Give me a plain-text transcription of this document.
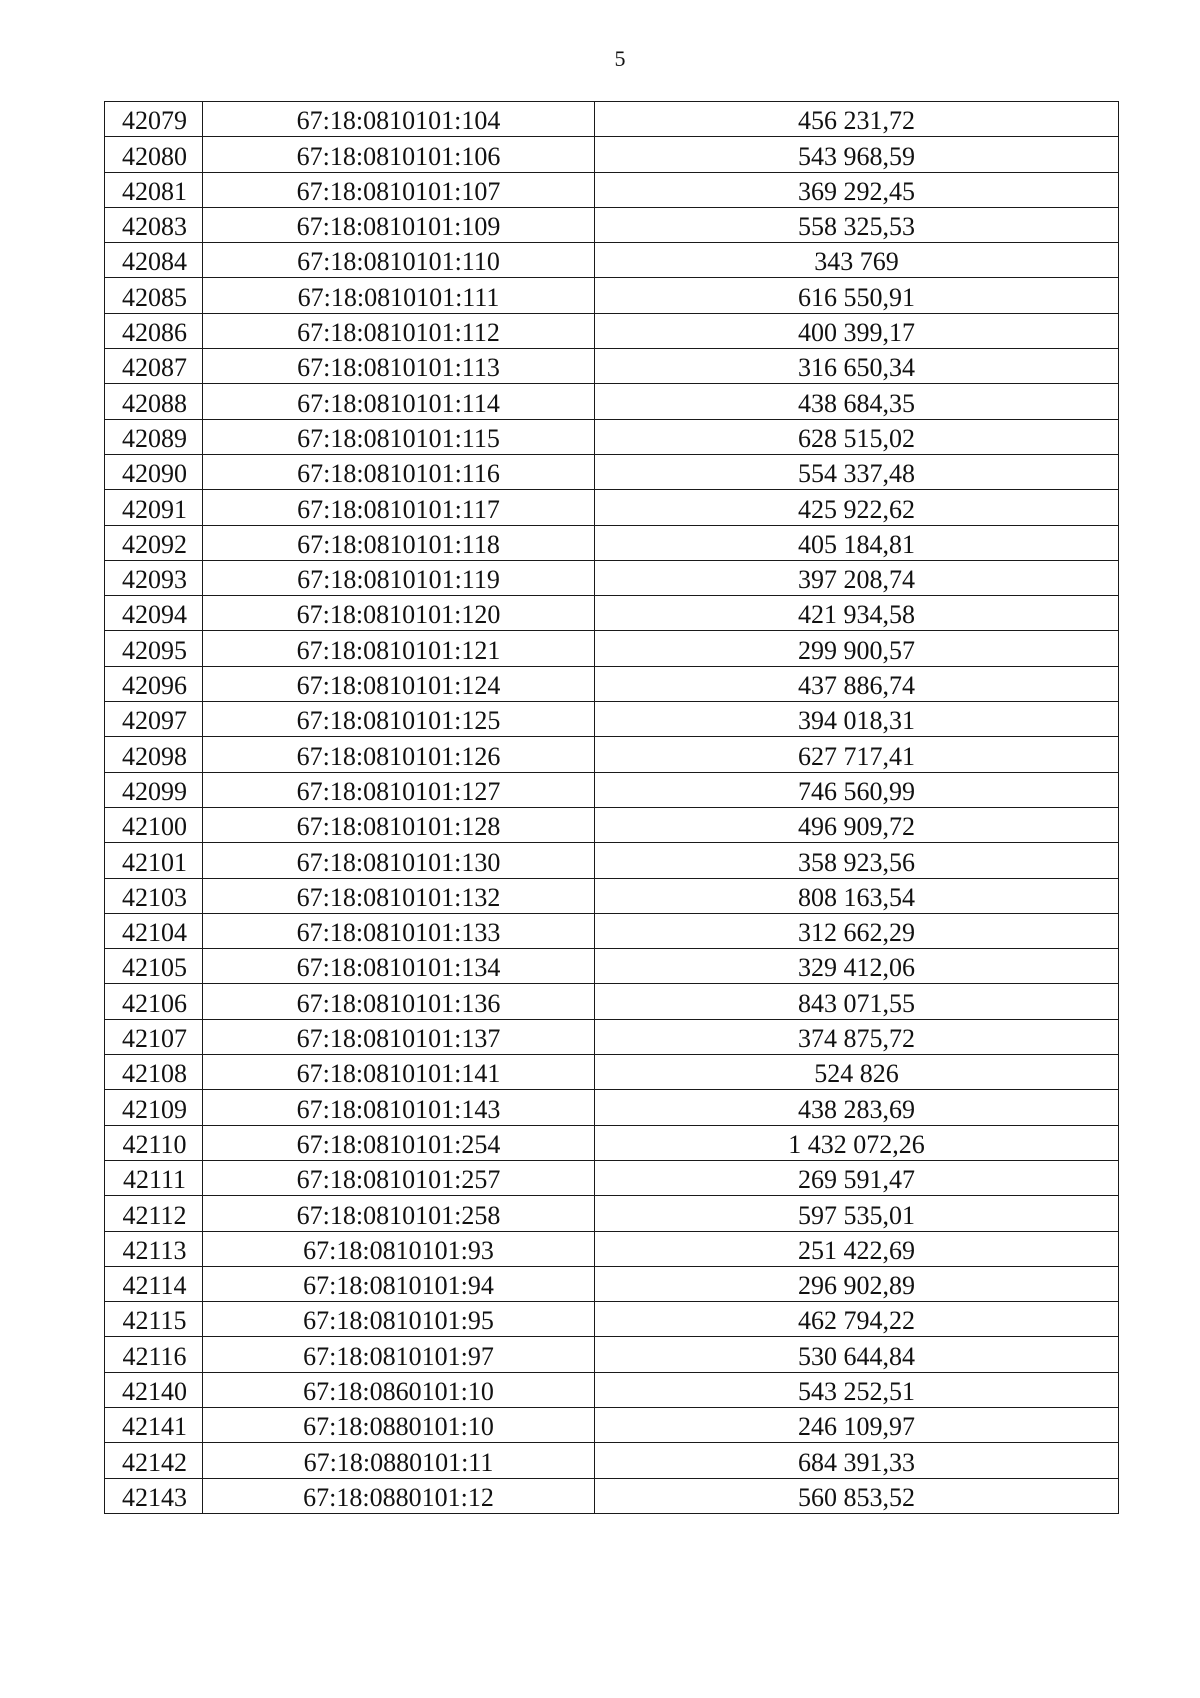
5
42079	67:18:0810101:104	456 231,72
42080	67:18:0810101:106	543 968,59
42081	67:18:0810101:107	369 292,45
42083	67:18:0810101:109	558 325,53
42084	67:18:0810101:110	343 769
42085	67:18:0810101:111	616 550,91
42086	67:18:0810101:112	400 399,17
42087	67:18:0810101:113	316 650,34
42088	67:18:0810101:114	438 684,35
42089	67:18:0810101:115	628 515,02
42090	67:18:0810101:116	554 337,48
42091	67:18:0810101:117	425 922,62
42092	67:18:0810101:118	405 184,81
42093	67:18:0810101:119	397 208,74
42094	67:18:0810101:120	421 934,58
42095	67:18:0810101:121	299 900,57
42096	67:18:0810101:124	437 886,74
42097	67:18:0810101:125	394 018,31
42098	67:18:0810101:126	627 717,41
42099	67:18:0810101:127	746 560,99
42100	67:18:0810101:128	496 909,72
42101	67:18:0810101:130	358 923,56
42103	67:18:0810101:132	808 163,54
42104	67:18:0810101:133	312 662,29
42105	67:18:0810101:134	329 412,06
42106	67:18:0810101:136	843 071,55
42107	67:18:0810101:137	374 875,72
42108	67:18:0810101:141	524 826
42109	67:18:0810101:143	438 283,69
42110	67:18:0810101:254	1 432 072,26
42111	67:18:0810101:257	269 591,47
42112	67:18:0810101:258	597 535,01
42113	67:18:0810101:93	251 422,69
42114	67:18:0810101:94	296 902,89
42115	67:18:0810101:95	462 794,22
42116	67:18:0810101:97	530 644,84
42140	67:18:0860101:10	543 252,51
42141	67:18:0880101:10	246 109,97
42142	67:18:0880101:11	684 391,33
42143	67:18:0880101:12	560 853,52
